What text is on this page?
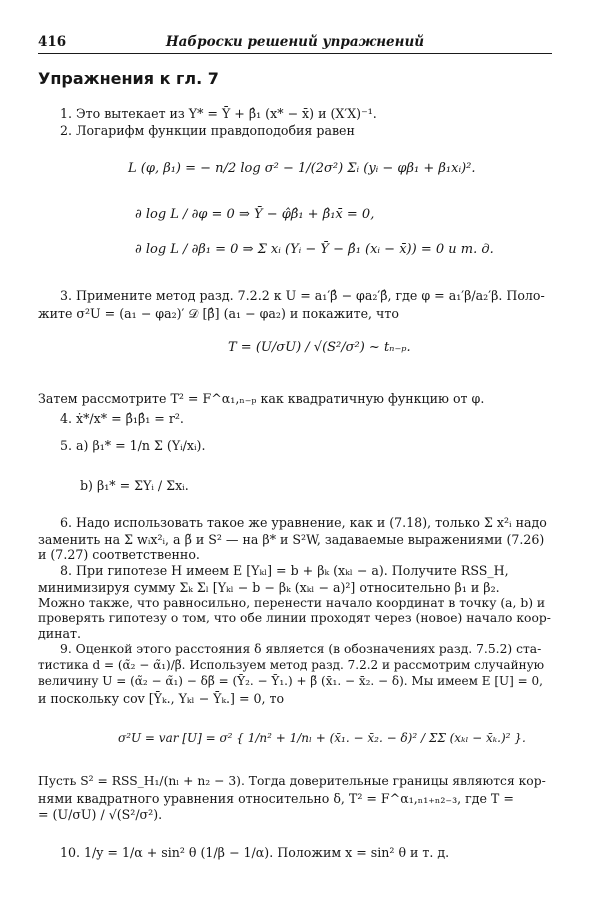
416	Наброски решений упражнений
Упражнения к гл. 7
1. Это вытекает из Y* = Ȳ + β̂₁ (x* − x̄) и (X′X)⁻¹.
2. Логарифм функции правдоподобия равен
L (φ, β₁) = − n/2 log σ² − 1/(2σ²) Σᵢ (yᵢ − φβ₁ + β₁xᵢ)².
∂ log L / ∂φ = 0 ⇒ Ȳ − φ̂β̂₁ + β̂₁x̄ = 0,
∂ log L / ∂β₁ = 0 ⇒ Σ xᵢ (Yᵢ − Ȳ − β̂₁ (xᵢ − x̄)) = 0 и т. д.
3. Примените метод разд. 7.2.2 к U = a₁′β̂ − φa₂′β̂, где φ = a₁′β/a₂′β. Поло-
жите σ²U = (a₁ − φa₂)′ 𝒟 [β̂] (a₁ − φa₂) и покажите, что
T = (U/σU) / √(S²/σ²) ~ tₙ₋ₚ.
Затем рассмотрите T² = F^α₁,ₙ₋ₚ как квадратичную функцию от φ.
4. ẋ*/x* = β̂₁β̂₁ = r².
5. a) β₁* = 1/n Σ (Yᵢ/xᵢ).
b) β₁* = ΣYᵢ / Σxᵢ.
6. Надо использовать такое же уравнение, как и (7.18), только Σ x²ᵢ надо
заменить на Σ wᵢx²ᵢ, а β̃ и S² — на β* и S²W, задаваемые выражениями (7.26)
и (7.27) соответственно.
8. При гипотезе H имеем E [Yₖₗ] = b + βₖ (xₖₗ − a). Получите RSS_H,
минимизируя сумму Σₖ Σₗ [Yₖₗ − b − βₖ (xₖₗ − a)²] относительно β₁ и β₂.
Можно также, что равносильно, перенести начало координат в точку (a, b) и
проверять гипотезу о том, что обе линии проходят через (новое) начало коор-
динат.
9. Оценкой этого расстояния δ является (в обозначениях разд. 7.5.2) ста-
тистика d = (α̃₂ − α̃₁)/β̃. Используем метод разд. 7.2.2 и рассмотрим случайную
величину U = (α̃₂ − α̃₁) − δβ̃ = (Ȳ₂. − Ȳ₁.) + β̃ (x̄₁. − x̄₂. − δ). Мы имеем E [U] = 0,
и поскольку cov [Ȳₖ., Yₖₗ − Ȳₖ.] = 0, то
σ²U = var [U] = σ² { 1/n² + 1/nₗ + (x̄₁. − x̄₂. − δ)² / ΣΣ (xₖₗ − x̄ₖ.)² }.
Пусть S² = RSS_H₁/(nₗ + n₂ − 3). Тогда доверительные границы являются кор-
нями квадратного уравнения относительно δ, T² = F^α₁,ₙ₁₊ₙ₂₋₃, где T =
= (U/σU) / √(S²/σ²).
10. 1/y = 1/α + sin² θ (1/β − 1/α). Положим x = sin² θ и т. д.
